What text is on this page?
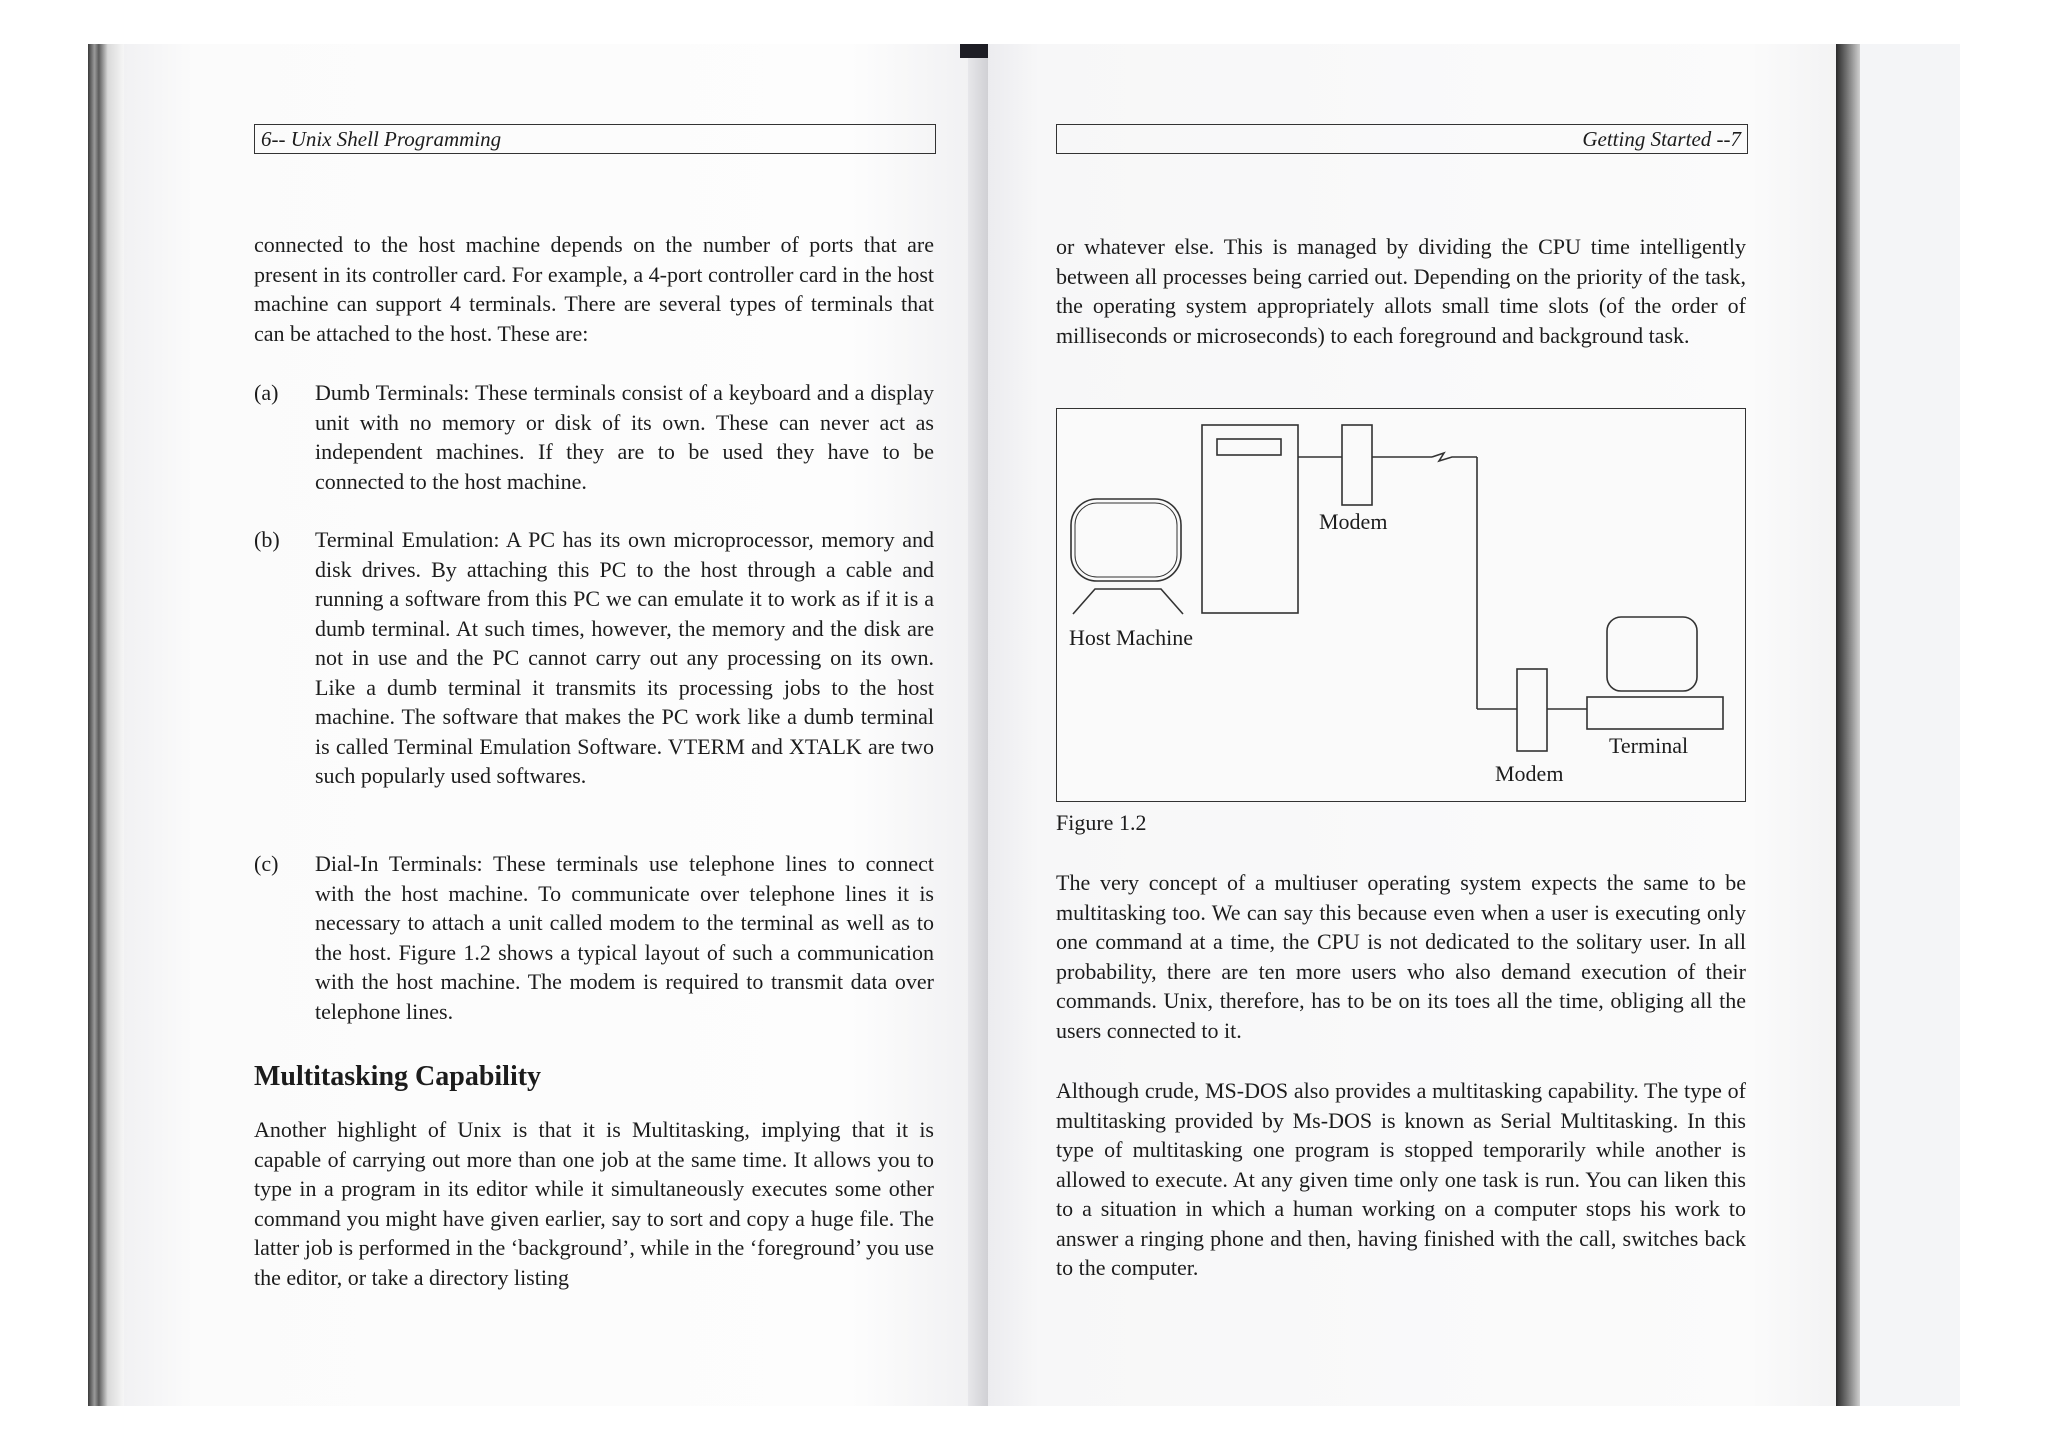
6-- Unix Shell Programming

connected to the host machine depends on the number of ports that are present in its controller card. For example, a 4-port controller card in the host machine can support 4 terminals. There are several types of terminals that can be attached to the host. These are:

(a) Dumb Terminals: These terminals consist of a keyboard and a display unit with no memory or disk of its own. These can never act as independent machines. If they are to be used they have to be connected to the host machine.

(b) Terminal Emulation: A PC has its own microprocessor, memory and disk drives. By attaching this PC to the host through a cable and running a software from this PC we can emulate it to work as if it is a dumb terminal. At such times, however, the memory and the disk are not in use and the PC cannot carry out any processing on its own. Like a dumb terminal it transmits its processing jobs to the host machine. The software that makes the PC work like a dumb terminal is called Terminal Emulation Software. VTERM and XTALK are two such popularly used softwares.

(c) Dial-In Terminals: These terminals use telephone lines to connect with the host machine. To communicate over telephone lines it is necessary to attach a unit called modem to the terminal as well as to the host. Figure 1.2 shows a typical layout of such a communication with the host machine. The modem is required to transmit data over telephone lines.

Multitasking Capability

Another highlight of Unix is that it is Multitasking, implying that it is capable of carrying out more than one job at the same time. It allows you to type in a program in its editor while it simultaneously executes some other command you might have given earlier, say to sort and copy a huge file. The latter job is performed in the ‘background’, while in the ‘foreground’ you use the editor, or take a directory listing

Getting Started --7

or whatever else. This is managed by dividing the CPU time intelligently between all processes being carried out. Depending on the priority of the task, the operating system appropriately allots small time slots (of the order of milliseconds or microseconds) to each foreground and background task.

Modem
Host Machine
Terminal
Modem
Figure 1.2

The very concept of a multiuser operating system expects the same to be multitasking too. We can say this because even when a user is executing only one command at a time, the CPU is not dedicated to the solitary user. In all probability, there are ten more users who also demand execution of their commands. Unix, therefore, has to be on its toes all the time, obliging all the users connected to it.

Although crude, MS-DOS also provides a multitasking capability. The type of multitasking provided by Ms-DOS is known as Serial Multitasking. In this type of multitasking one program is stopped temporarily while another is allowed to execute. At any given time only one task is run. You can liken this to a situation in which a human working on a computer stops his work to answer a ringing phone and then, having finished with the call, switches back to the computer.
